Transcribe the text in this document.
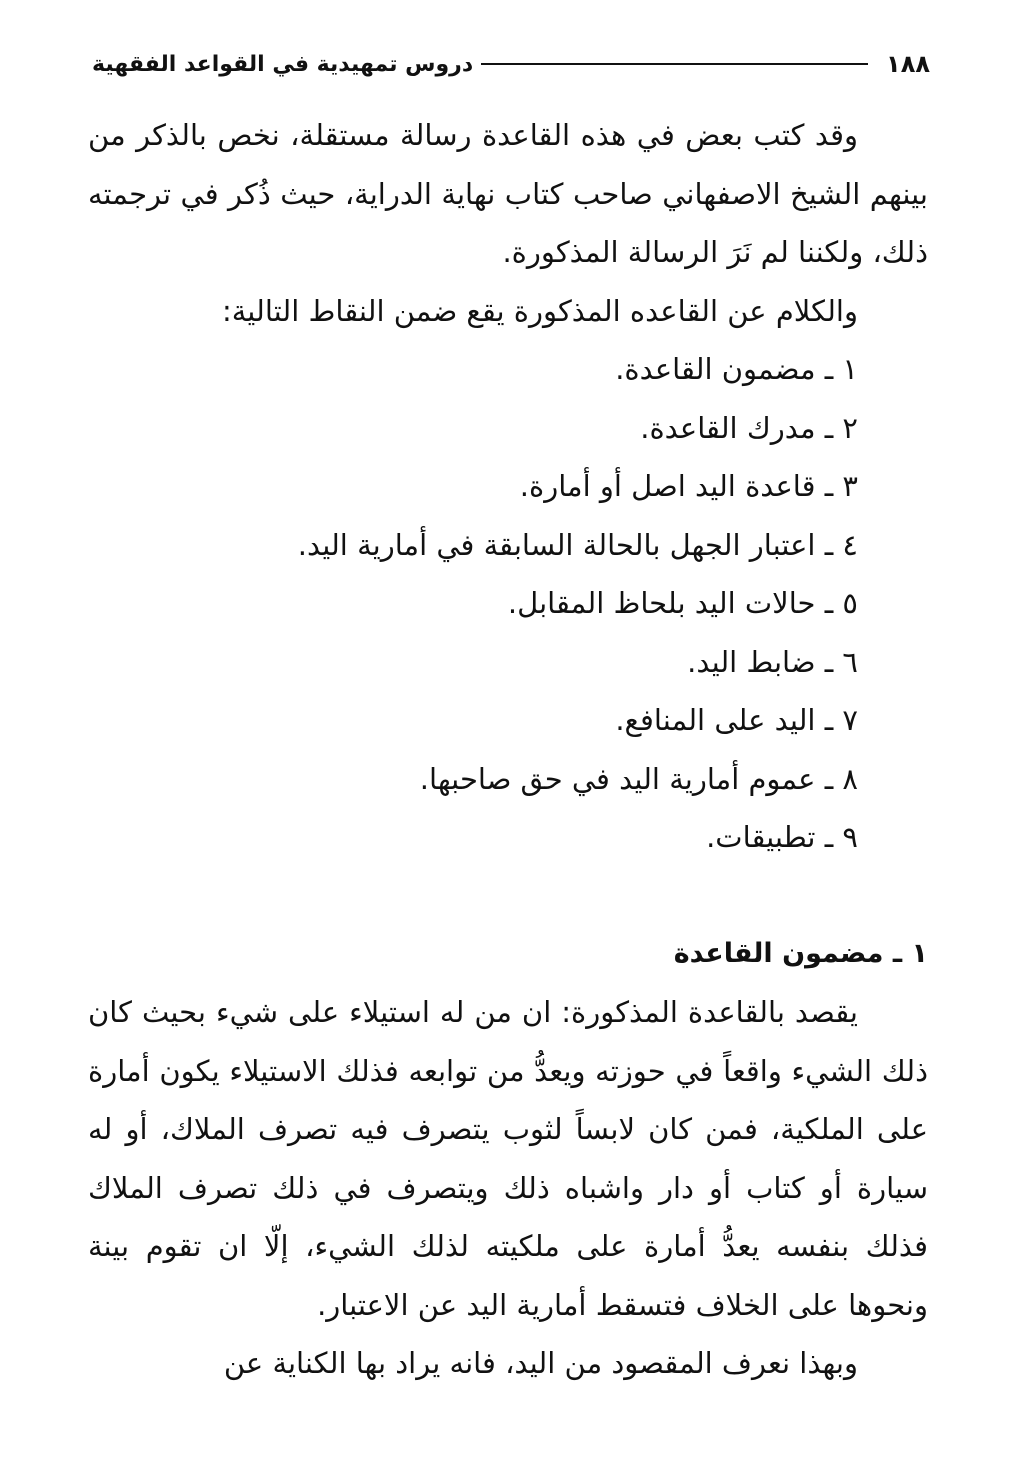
١٨٨
دروس تمهيدية في القواعد الفقهية

وقد كتب بعض في هذه القاعدة رسالة مستقلة، نخص بالذكر من بينهم الشيخ الاصفهاني صاحب كتاب نهاية الدراية، حيث ذُكر في ترجمته ذلك، ولكننا لم نَرَ الرسالة المذكورة.

والكلام عن القاعده المذكورة يقع ضمن النقاط التالية:

١ ـ مضمون القاعدة.
٢ ـ مدرك القاعدة.
٣ ـ قاعدة اليد اصل أو أمارة.
٤ ـ اعتبار الجهل بالحالة السابقة في أمارية اليد.
٥ ـ حالات اليد بلحاظ المقابل.
٦ ـ ضابط اليد.
٧ ـ اليد على المنافع.
٨ ـ عموم أمارية اليد في حق صاحبها.
٩ ـ تطبيقات.
١ ـ مضمون القاعدة

يقصد بالقاعدة المذكورة: ان من له استيلاء على شيء بحيث كان ذلك الشيء واقعاً في حوزته ويعدُّ من توابعه فذلك الاستيلاء يكون أمارة على الملكية، فمن كان لابساً لثوب يتصرف فيه تصرف الملاك، أو له سيارة أو كتاب أو دار واشباه ذلك ويتصرف في ذلك تصرف الملاك فذلك بنفسه يعدُّ أمارة على ملكيته لذلك الشيء، إلّا ان تقوم بينة ونحوها على الخلاف فتسقط أمارية اليد عن الاعتبار.

وبهذا نعرف المقصود من اليد، فانه يراد بها الكناية عن
